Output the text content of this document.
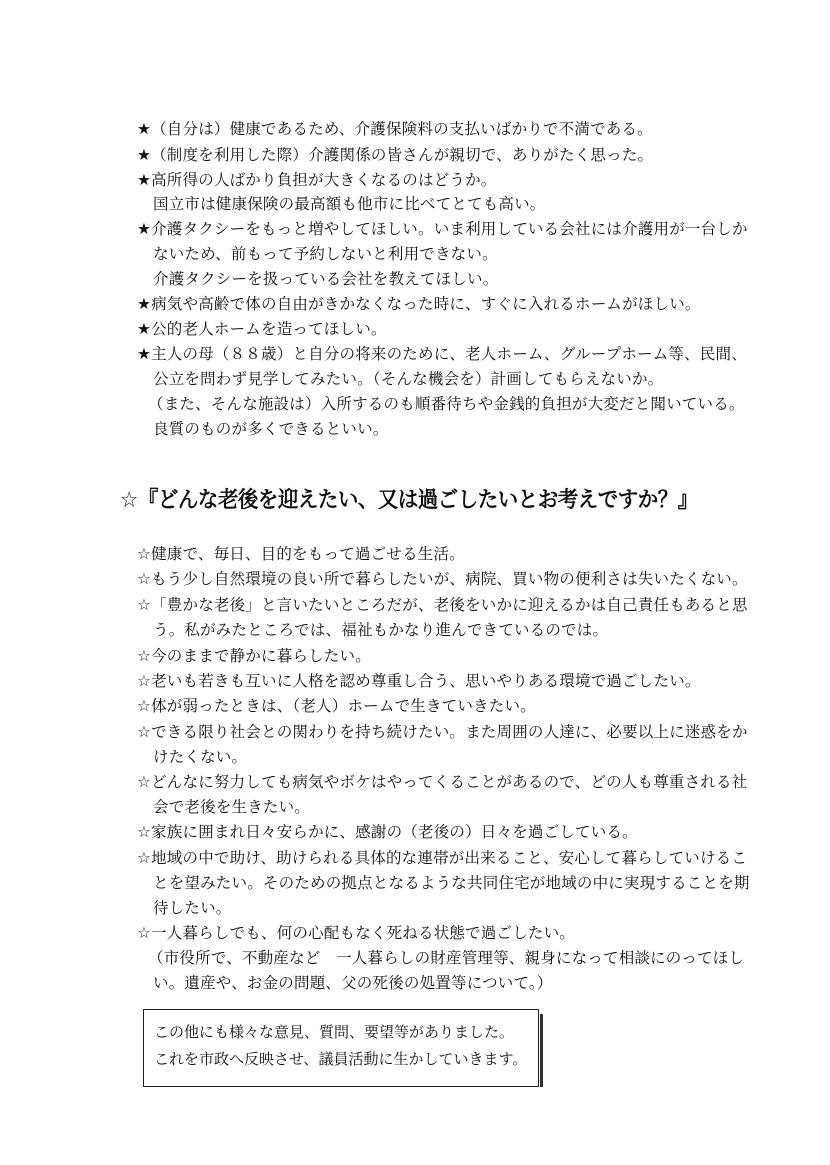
★（自分は）健康であるため、介護保険料の支払いばかりで不満である。
★（制度を利用した際）介護関係の皆さんが親切で、ありがたく思った。
★高所得の人ばかり負担が大きくなるのはどうか。
国立市は健康保険の最高額も他市に比べてとても高い。
★介護タクシーをもっと増やしてほしい。いま利用している会社には介護用が一台しか
ないため、前もって予約しないと利用できない。
介護タクシーを扱っている会社を教えてほしい。
★病気や高齢で体の自由がきかなくなった時に、すぐに入れるホームがほしい。
★公的老人ホームを造ってほしい。
★主人の母（８８歳）と自分の将来のために、老人ホーム、グループホーム等、民間、
公立を問わず見学してみたい。（そんな機会を）計画してもらえないか。
（また、そんな施設は）入所するのも順番待ちや金銭的負担が大変だと聞いている。
良質のものが多くできるといい。
☆『どんな老後を迎えたい、又は過ごしたいとお考えですか？』
☆健康で、毎日、目的をもって過ごせる生活。
☆もう少し自然環境の良い所で暮らしたいが、病院、買い物の便利さは失いたくない。
☆「豊かな老後」と言いたいところだが、老後をいかに迎えるかは自己責任もあると思
う。私がみたところでは、福祉もかなり進んできているのでは。
☆今のままで静かに暮らしたい。
☆老いも若きも互いに人格を認め尊重し合う、思いやりある環境で過ごしたい。
☆体が弱ったときは、（老人）ホームで生きていきたい。
☆できる限り社会との関わりを持ち続けたい。また周囲の人達に、必要以上に迷惑をか
けたくない。
☆どんなに努力しても病気やボケはやってくることがあるので、どの人も尊重される社
会で老後を生きたい。
☆家族に囲まれ日々安らかに、感謝の（老後の）日々を過ごしている。
☆地域の中で助け、助けられる具体的な連帯が出来ること、安心して暮らしていけるこ
とを望みたい。そのための拠点となるような共同住宅が地域の中に実現することを期
待したい。
☆一人暮らしでも、何の心配もなく死ねる状態で過ごしたい。
（市役所で、不動産など　一人暮らしの財産管理等、親身になって相談にのってほし
い。遺産や、お金の問題、父の死後の処置等について。）
この他にも様々な意見、質問、要望等がありました。
これを市政へ反映させ、議員活動に生かしていきます。
